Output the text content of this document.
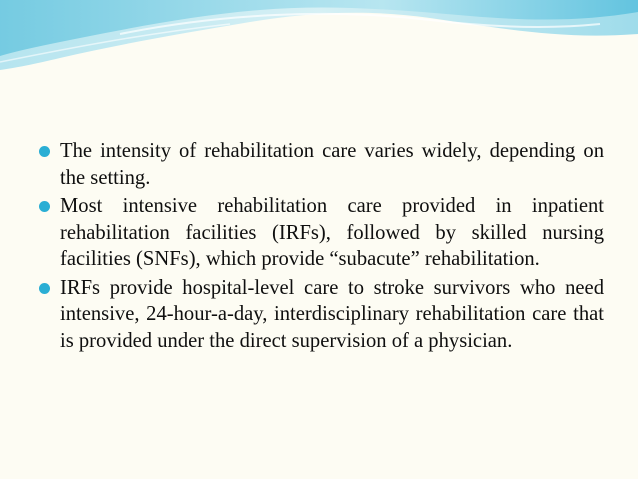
The intensity of rehabilitation care varies widely, depending on the setting.

Most intensive rehabilitation care provided in inpatient rehabilitation facilities (IRFs), followed by skilled nursing facilities (SNFs), which provide “subacute” rehabilitation.

IRFs provide hospital-level care to stroke survivors who need intensive, 24-hour-a-day, interdisciplinary rehabilitation care that is provided under the direct supervision of a physician.
